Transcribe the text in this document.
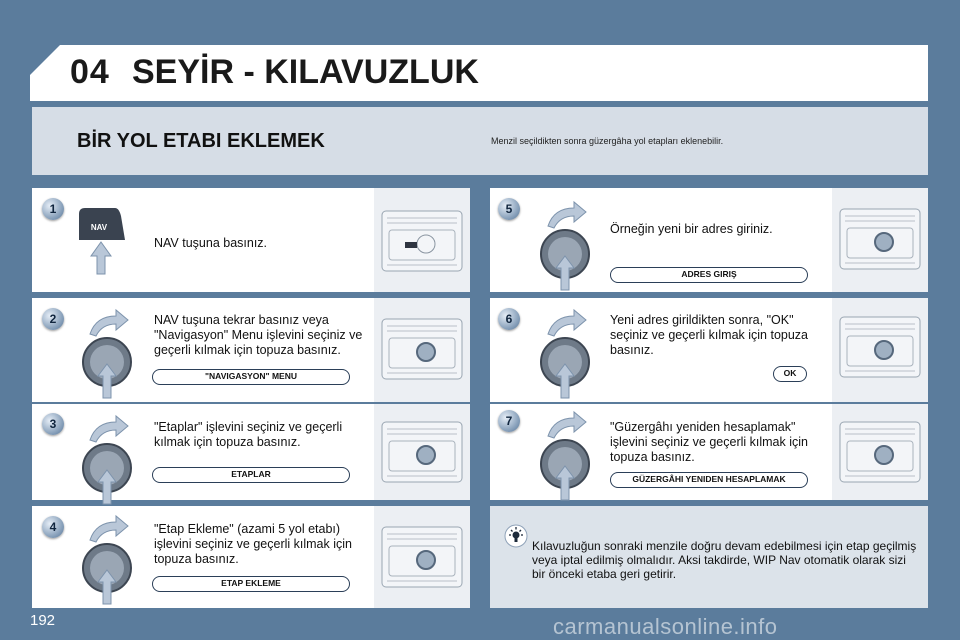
04 SEYİR - KILAVUZLUK
BİR YOL ETABI EKLEMEK	Menzil seçildikten sonra güzergâha yol etapları eklenebilir.
NAV
1
NAV tuşuna basınız.
2	NAV tuşuna tekrar basınız veya "Navigasyon" Menu işlevini seçiniz ve geçerli kılmak için topuza basınız.
"NAVIGASYON" MENU
3	"Etaplar" işlevini seçiniz ve geçerli kılmak için topuza basınız.
ETAPLAR
4	"Etap Ekleme" (azami 5 yol etabı) işlevini seçiniz ve geçerli kılmak için topuza basınız.
ETAP EKLEME
5
Örneğin yeni bir adres giriniz.
ADRES GIRIŞ
6	Yeni adres girildikten sonra, "OK" seçiniz ve geçerli kılmak için topuza basınız.
OK
7	"Güzergâhı yeniden hesaplamak" işlevini seçiniz ve geçerli kılmak için topuza basınız.
GÜZERGÂHI YENIDEN HESAPLAMAK
Kılavuzluğun sonraki menzile doğru devam edebilmesi için etap geçilmiş veya iptal edilmiş olmalıdır. Aksi takdirde, WIP Nav otomatik olarak sizi bir önceki etaba geri getirir.
192	carmanualsonline.info
